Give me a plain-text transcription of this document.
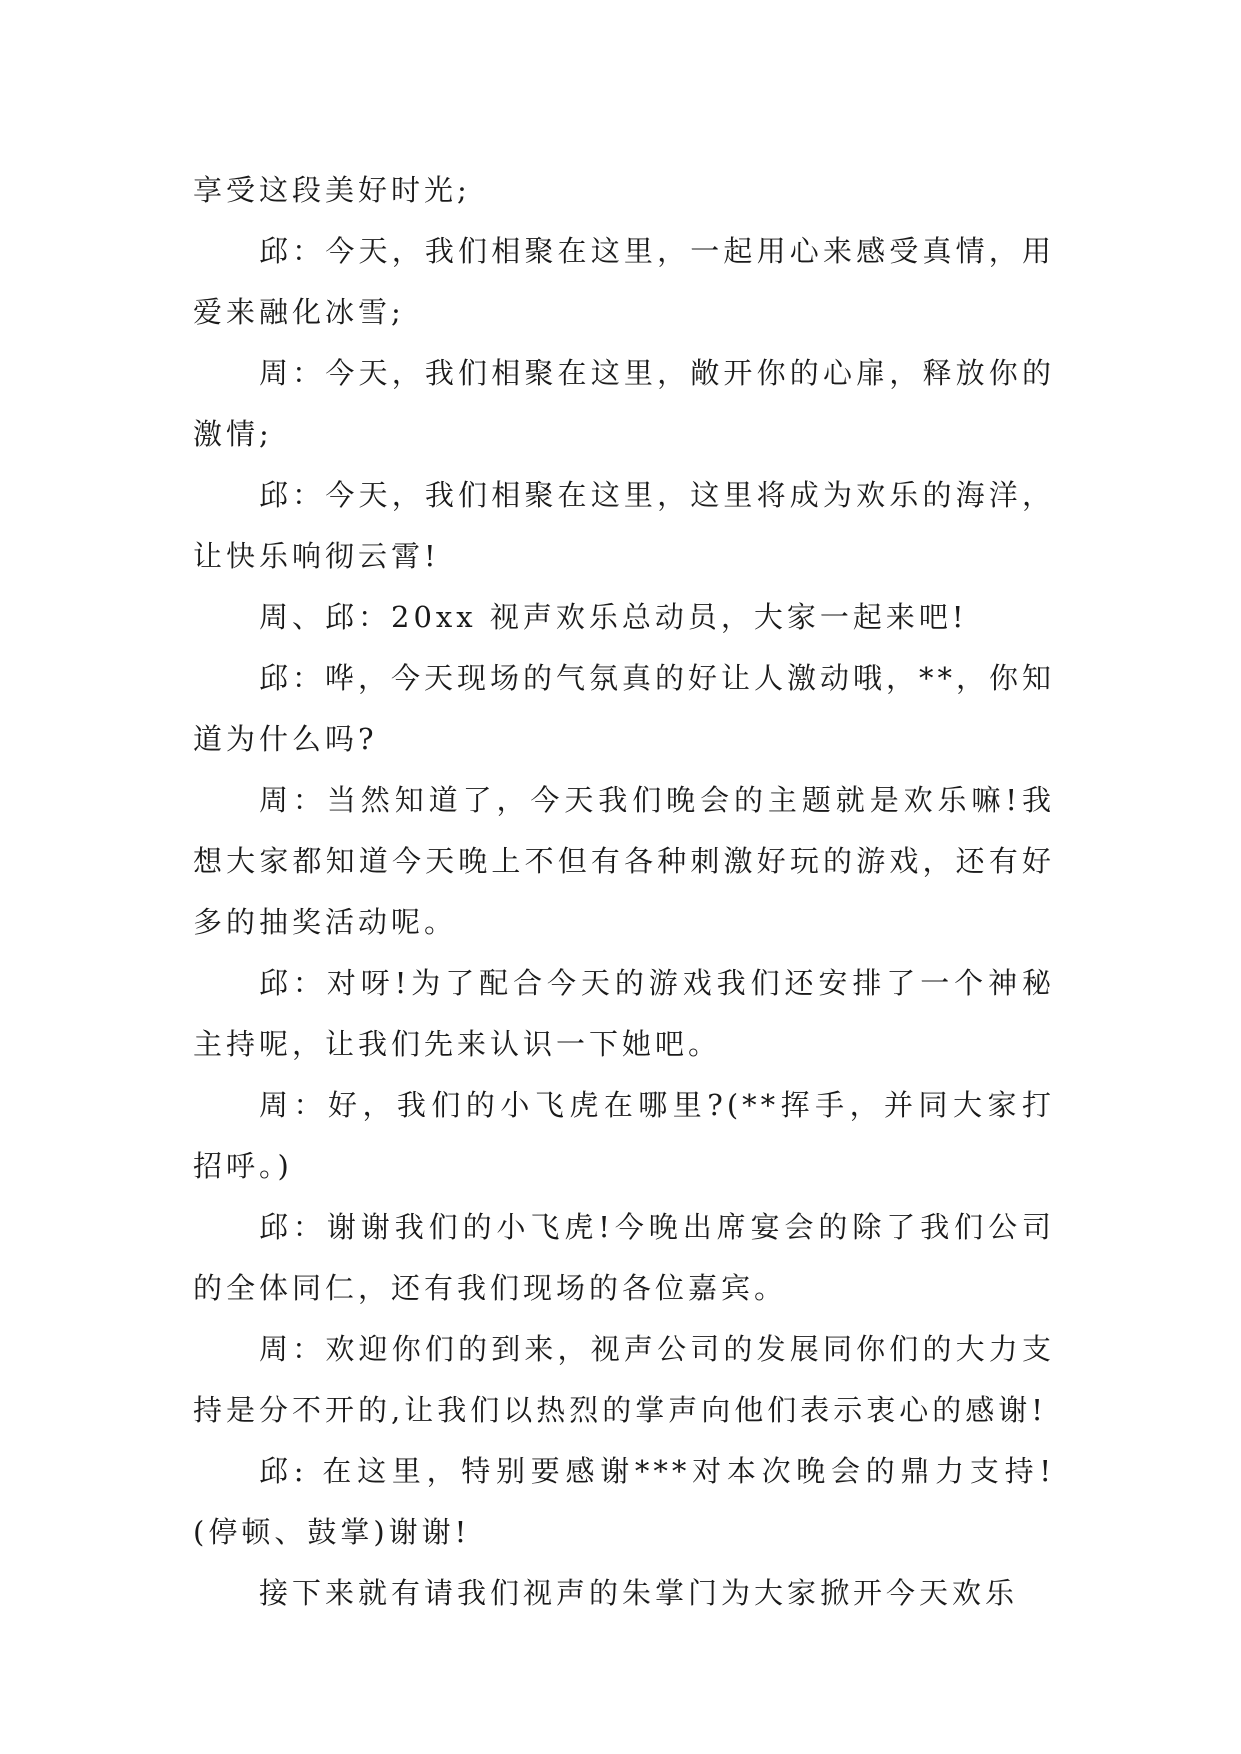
享受这段美好时光;

邱：今天，我们相聚在这里，一起用心来感受真情，用爱来融化冰雪;

周：今天，我们相聚在这里，敞开你的心扉，释放你的激情;

邱：今天，我们相聚在这里，这里将成为欢乐的海洋，让快乐响彻云霄!

周、邱：20xx 视声欢乐总动员，大家一起来吧!

邱：哗，今天现场的气氛真的好让人激动哦，**，你知道为什么吗?

周：当然知道了，今天我们晚会的主题就是欢乐嘛!我想大家都知道今天晚上不但有各种刺激好玩的游戏，还有好多的抽奖活动呢。

邱：对呀!为了配合今天的游戏我们还安排了一个神秘主持呢，让我们先来认识一下她吧。

周：好，我们的小飞虎在哪里?(**挥手，并同大家打招呼。)

邱：谢谢我们的小飞虎!今晚出席宴会的除了我们公司的全体同仁，还有我们现场的各位嘉宾。

周：欢迎你们的到来，视声公司的发展同你们的大力支持是分不开的,让我们以热烈的掌声向他们表示衷心的感谢!

邱: 在这里，特别要感谢***对本次晚会的鼎力支持!(停顿、鼓掌)谢谢!

接下来就有请我们视声的朱掌门为大家掀开今天欢乐
